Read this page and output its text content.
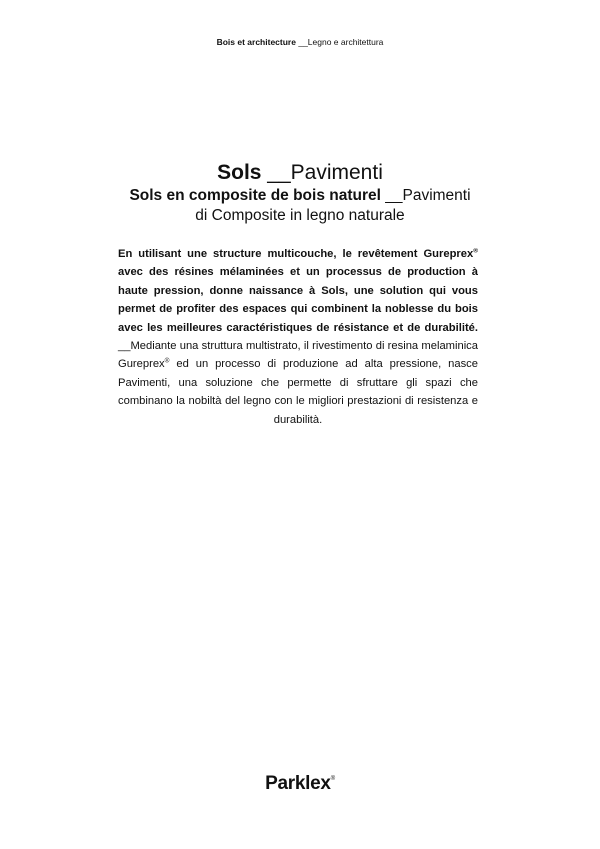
Bois et architecture __Legno e architettura

Sols __Pavimenti

Sols en composite de bois naturel __Pavimenti

di Composite in legno naturale

En utilisant une structure multicouche, le revêtement Gureprex® avec des résines mélaminées et un processus de production à haute pression, donne naissance à Sols, une solution qui vous permet de profiter des espaces qui combinent la noblesse du bois avec les meilleures caractéristiques de résistance et de durabilité. __Mediante una struttura multistrato, il rivestimento di resina melaminica Gureprex® ed un processo di produzione ad alta pressione, nasce Pavimenti, una soluzione che permette di sfruttare gli spazi che combinano la nobiltà del legno con le migliori prestazioni di resistenza e durabilità.

Parklex®
